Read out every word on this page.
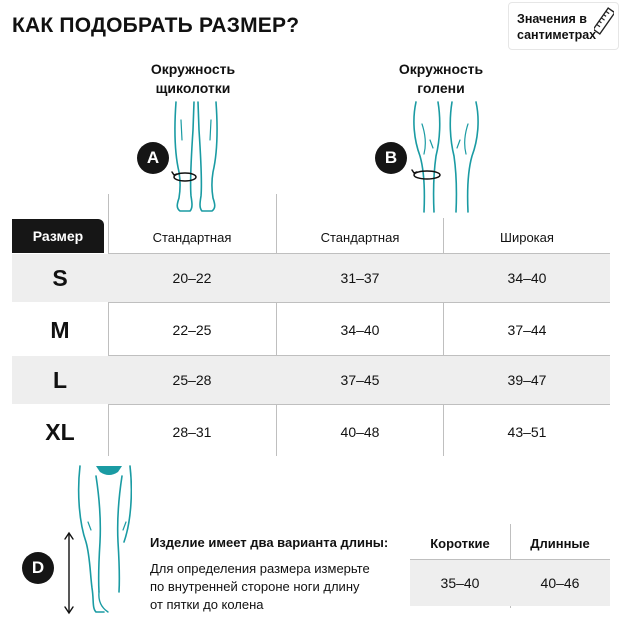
КАК ПОДОБРАТЬ РАЗМЕР?	Значения в
сантиметрах
Окружность
щиколотки
A
Окружность
голени
B
Размер	Стандартная	Стандартная	Широкая
S	20–22	31–37	34–40
M	22–25	34–40	37–44
L	25–28	37–45	39–47
XL	28–31	40–48	43–51
D
Изделие имеет два варианта длины:
Для определения размера измерьте
по внутренней стороне ноги длину
от пятки до колена
Короткие	Длинные
35–40	40–46
